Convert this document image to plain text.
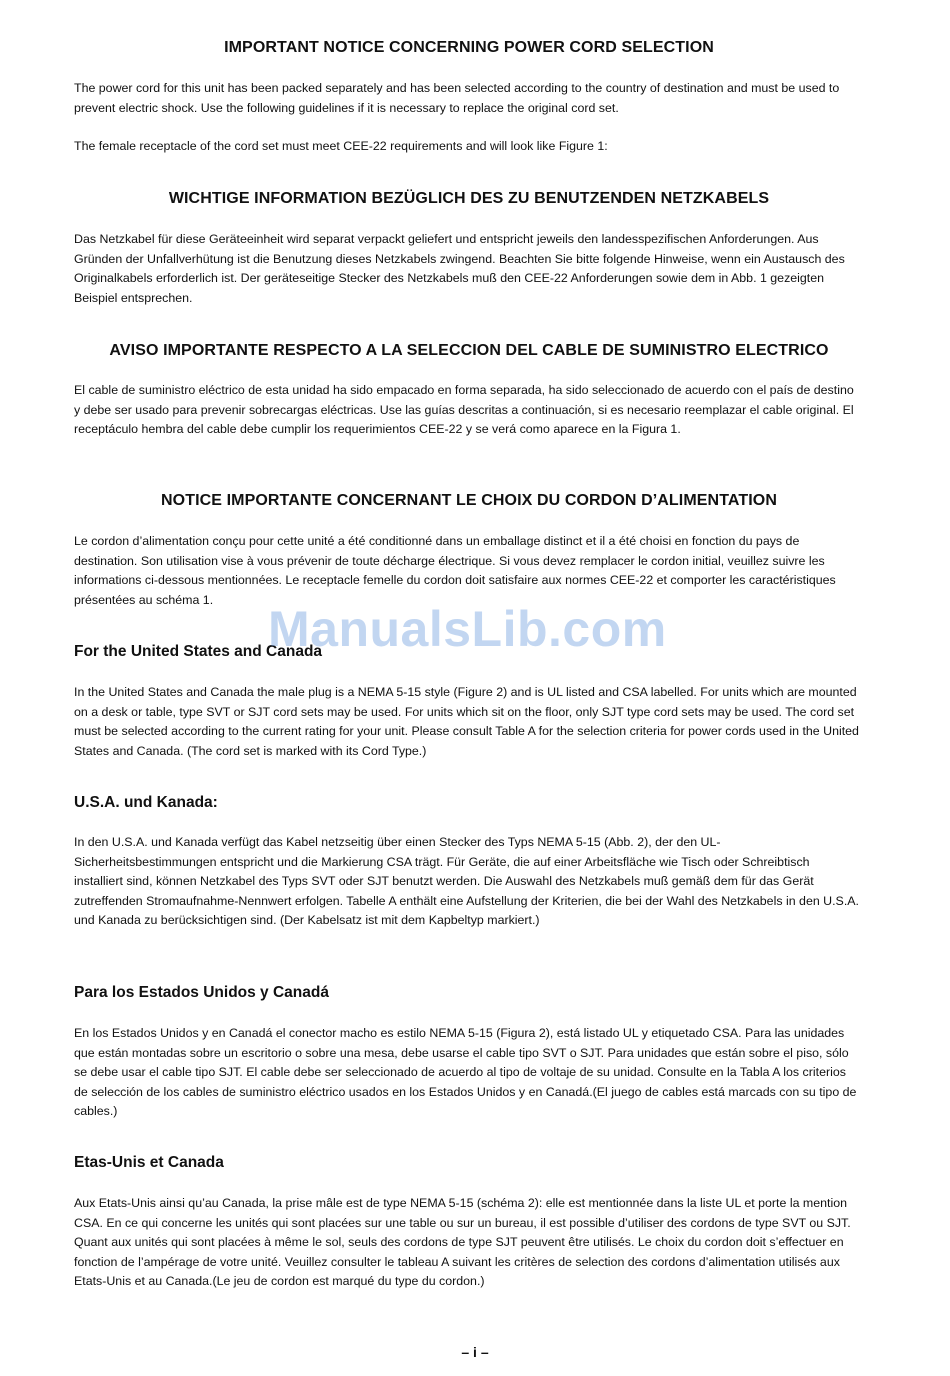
IMPORTANT NOTICE CONCERNING POWER CORD SELECTION
The power cord for this unit has been packed separately and has been selected according to the country of destination and must be used to prevent electric shock. Use the following guidelines if it is necessary to replace the original cord set.
The female receptacle of the cord set must meet CEE-22 requirements and will look like Figure 1:
WICHTIGE INFORMATION BEZÜGLICH DES ZU BENUTZENDEN NETZKABELS
Das Netzkabel für diese Geräteeinheit wird separat verpackt geliefert und entspricht jeweils den landesspezifischen Anforderungen. Aus Gründen der Unfallverhütung ist die Benutzung dieses Netzkabels zwingend. Beachten Sie bitte folgende Hinweise, wenn ein Austausch des Originalkabels erforderlich ist. Der geräteseitige Stecker des Netzkabels muß den CEE-22 Anforderungen sowie dem in Abb. 1 gezeigten Beispiel entsprechen.
AVISO IMPORTANTE RESPECTO A LA SELECCION DEL CABLE DE SUMINISTRO ELECTRICO
El cable de suministro eléctrico de esta unidad ha sido empacado en forma separada, ha sido seleccionado de acuerdo con el país de destino y debe ser usado para prevenir sobrecargas eléctricas. Use las guías descritas a continuación, si es necesario reemplazar el cable original. El receptáculo hembra del cable debe cumplir los requerimientos CEE-22 y se verá como aparece en la Figura 1.
NOTICE IMPORTANTE CONCERNANT LE CHOIX DU CORDON D’ALIMENTATION
Le cordon d’alimentation conçu pour cette unité a été conditionné dans un emballage distinct et il a été choisi en fonction du pays de destination. Son utilisation vise à vous prévenir de toute décharge électrique. Si vous devez remplacer le cordon initial, veuillez suivre les informations ci-dessous mentionnées. Le receptacle femelle du cordon doit satisfaire aux normes CEE-22 et comporter les caractéristiques présentées au schéma 1.
For the United States and Canada
In the United States and Canada the male plug is a NEMA 5-15 style (Figure 2) and is UL listed and CSA labelled. For units which are mounted on a desk or table, type SVT or SJT cord sets may be used. For units which sit on the floor, only SJT type cord sets may be used. The cord set must be selected according to the current rating for your unit. Please consult Table A for the selection criteria for power cords used in the United States and Canada. (The cord set is marked with its Cord Type.)
U.S.A. und Kanada:
In den U.S.A. und Kanada verfügt das Kabel netzseitig über einen Stecker des Typs NEMA 5-15 (Abb. 2), der den UL-Sicherheitsbestimmungen entspricht und die Markierung CSA trägt. Für Geräte, die auf einer Arbeitsfläche wie Tisch oder Schreibtisch installiert sind, können Netzkabel des Typs SVT oder SJT benutzt werden. Die Auswahl des Netzkabels muß gemäß dem für das Gerät zutreffenden Stromaufnahme-Nennwert erfolgen. Tabelle A enthält eine Aufstellung der Kriterien, die bei der Wahl des Netzkabels in den U.S.A. und Kanada zu berücksichtigen sind. (Der Kabelsatz ist mit dem Kapbeltyp markiert.)
Para los Estados Unidos y Canadá
En los Estados Unidos y en Canadá el conector macho es estilo NEMA 5-15 (Figura 2), está listado UL y etiquetado CSA. Para las unidades que están montadas sobre un escritorio o sobre una mesa, debe usarse el cable tipo SVT o SJT. Para unidades que están sobre el piso, sólo se debe usar el cable tipo SJT. El cable debe ser seleccionado de acuerdo al tipo de voltaje de su unidad. Consulte en la Tabla A los criterios de selección de los cables de suministro eléctrico usados en los Estados Unidos y en Canadá.(El juego de cables está marcads con su tipo de cables.)
Etas-Unis et Canada
Aux Etats-Unis ainsi qu’au Canada, la prise mâle est de type NEMA 5-15 (schéma 2): elle est mentionnée dans la liste UL et porte la mention CSA. En ce qui concerne les unités qui sont placées sur une table ou sur un bureau, il est possible d’utiliser des cordons de type SVT ou SJT. Quant aux unités qui sont placées à même le sol, seuls des cordons de type SJT peuvent être utilisés. Le choix du cordon doit s’effectuer en fonction de l’ampérage de votre unité. Veuillez consulter le tableau A suivant les critères de selection des cordons d’alimentation utilisés aux Etats-Unis et au Canada.(Le jeu de cordon est marqué du type du cordon.)
ManualsLib.com
– i –
